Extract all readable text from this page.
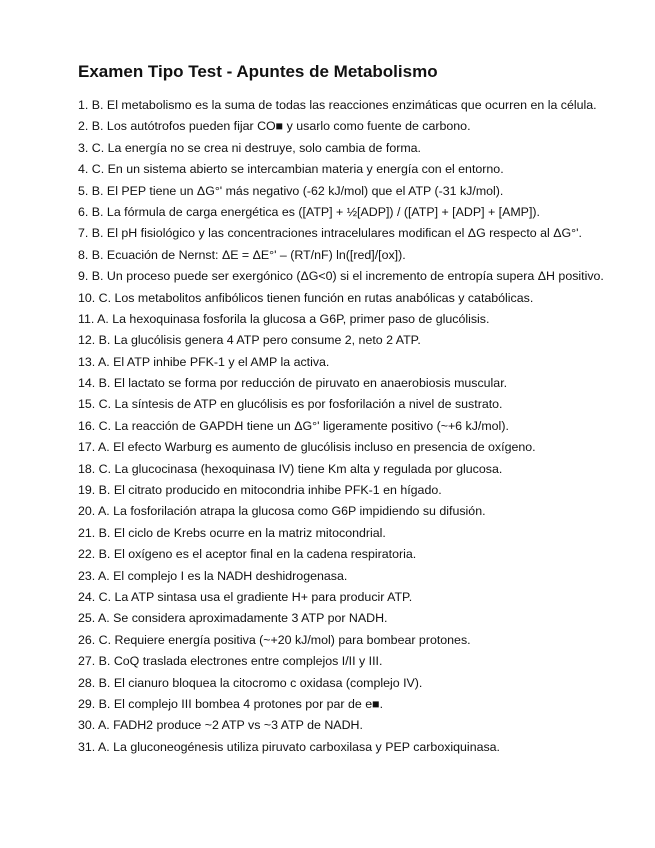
Examen Tipo Test - Apuntes de Metabolismo
1. B. El metabolismo es la suma de todas las reacciones enzimáticas que ocurren en la célula.
2. B. Los autótrofos pueden fijar CO■ y usarlo como fuente de carbono.
3. C. La energía no se crea ni destruye, solo cambia de forma.
4. C. En un sistema abierto se intercambian materia y energía con el entorno.
5. B. El PEP tiene un ΔG°' más negativo (-62 kJ/mol) que el ATP (-31 kJ/mol).
6. B. La fórmula de carga energética es ([ATP] + ½[ADP]) / ([ATP] + [ADP] + [AMP]).
7. B. El pH fisiológico y las concentraciones intracelulares modifican el ΔG respecto al ΔG°'.
8. B. Ecuación de Nernst: ΔE = ΔE°' – (RT/nF) ln([red]/[ox]).
9. B. Un proceso puede ser exergónico (ΔG<0) si el incremento de entropía supera ΔH positivo.
10. C. Los metabolitos anfibólicos tienen función en rutas anabólicas y catabólicas.
11. A. La hexoquinasa fosforila la glucosa a G6P, primer paso de glucólisis.
12. B. La glucólisis genera 4 ATP pero consume 2, neto 2 ATP.
13. A. El ATP inhibe PFK-1 y el AMP la activa.
14. B. El lactato se forma por reducción de piruvato en anaerobiosis muscular.
15. C. La síntesis de ATP en glucólisis es por fosforilación a nivel de sustrato.
16. C. La reacción de GAPDH tiene un ΔG°' ligeramente positivo (~+6 kJ/mol).
17. A. El efecto Warburg es aumento de glucólisis incluso en presencia de oxígeno.
18. C. La glucocinasa (hexoquinasa IV) tiene Km alta y regulada por glucosa.
19. B. El citrato producido en mitocondria inhibe PFK-1 en hígado.
20. A. La fosforilación atrapa la glucosa como G6P impidiendo su difusión.
21. B. El ciclo de Krebs ocurre en la matriz mitocondrial.
22. B. El oxígeno es el aceptor final en la cadena respiratoria.
23. A. El complejo I es la NADH deshidrogenasa.
24. C. La ATP sintasa usa el gradiente H+ para producir ATP.
25. A. Se considera aproximadamente 3 ATP por NADH.
26. C. Requiere energía positiva (~+20 kJ/mol) para bombear protones.
27. B. CoQ traslada electrones entre complejos I/II y III.
28. B. El cianuro bloquea la citocromo c oxidasa (complejo IV).
29. B. El complejo III bombea 4 protones por par de e■.
30. A. FADH2 produce ~2 ATP vs ~3 ATP de NADH.
31. A. La gluconeogénesis utiliza piruvato carboxilasa y PEP carboxiquinasa.
